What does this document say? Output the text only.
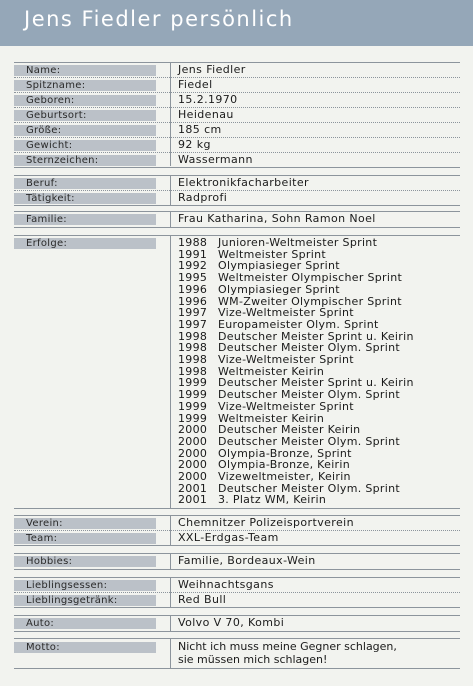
Jens Fiedler persönlich
Name:	Jens Fiedler
Spitzname:	Fiedel
Geboren:	15.2.1970
Geburtsort:	Heidenau
Größe:	185 cm
Gewicht:	92 kg
Sternzeichen:	Wassermann
Beruf:	Elektronikfacharbeiter
Tätigkeit:	Radprofi
Familie:	Frau Katharina, Sohn Ramon Noel
Erfolge:	1988 Junioren-Weltmeister Sprint
1991 Weltmeister Sprint
1992 Olympiasieger Sprint
1995 Weltmeister Olympischer Sprint
1996 Olympiasieger Sprint
1996 WM-Zweiter Olympischer Sprint
1997 Vize-Weltmeister Sprint
1997 Europameister Olym. Sprint
1998 Deutscher Meister Sprint u. Keirin
1998 Deutscher Meister Olym. Sprint
1998 Vize-Weltmeister Sprint
1998 Weltmeister Keirin
1999 Deutscher Meister Sprint u. Keirin
1999 Deutscher Meister Olym. Sprint
1999 Vize-Weltmeister Sprint
1999 Weltmeister Keirin
2000 Deutscher Meister Keirin
2000 Deutscher Meister Olym. Sprint
2000 Olympia-Bronze, Sprint
2000 Olympia-Bronze, Keirin
2000 Vizeweltmeister, Keirin
2001 Deutscher Meister Olym. Sprint
2001 3. Platz WM, Keirin
Verein:	Chemnitzer Polizeisportverein
Team:	XXL-Erdgas-Team
Hobbies:	Familie, Bordeaux-Wein
Lieblingsessen:	Weihnachtsgans
Lieblingsgetränk:	Red Bull
Auto:	Volvo V 70, Kombi
Motto:	Nicht ich muss meine Gegner schlagen,
sie müssen mich schlagen!
